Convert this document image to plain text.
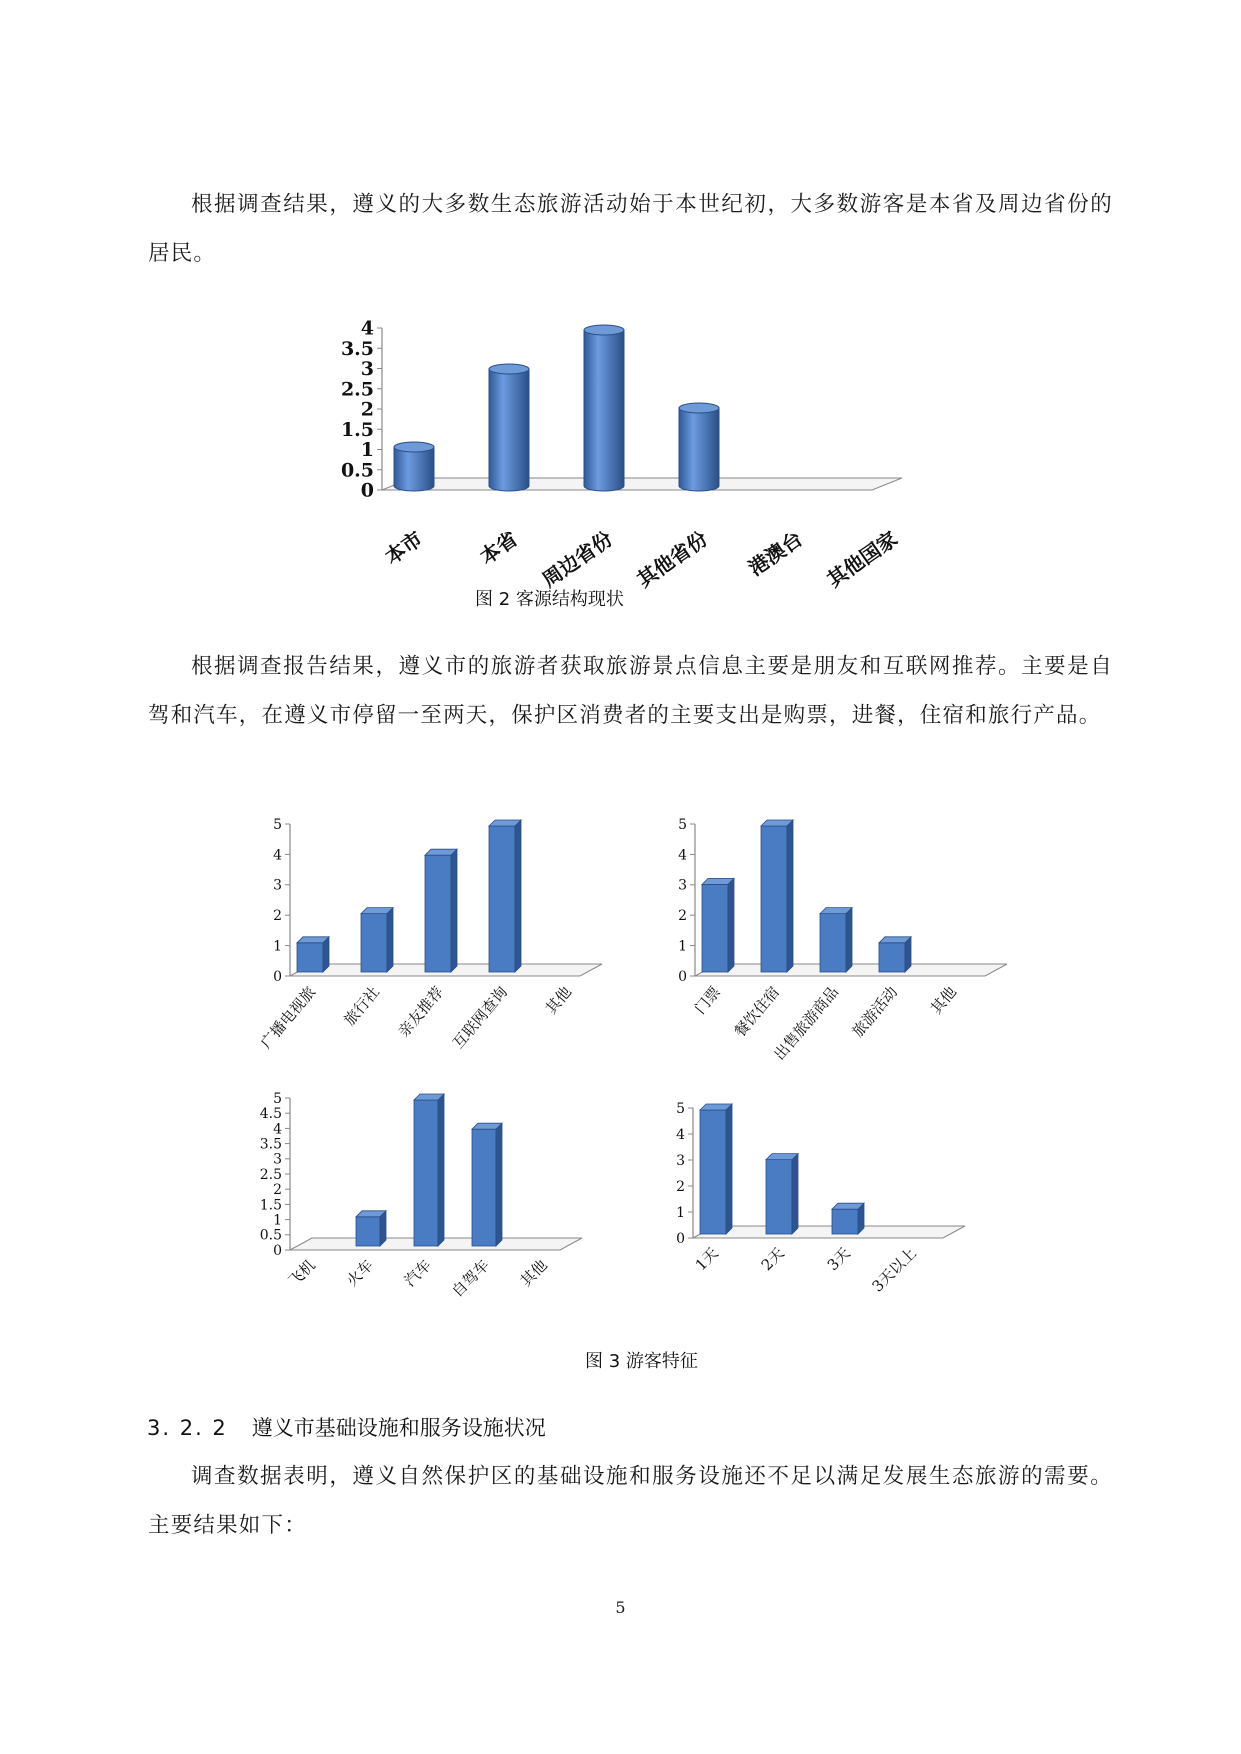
根据调查结果，遵义的大多数生态旅游活动始于本世纪初，大多数游客是本省及周边省份的居民。

0
0.5
1
1.5
2
2.5
3
3.5
4
本市 本省 周边省份 其他省份 港澳台 其他国家
图 2 客源结构现状

根据调查报告结果，遵义市的旅游者获取旅游景点信息主要是朋友和互联网推荐。主要是自驾和汽车，在遵义市停留一至两天，保护区消费者的主要支出是购票，进餐，住宿和旅行产品。

0
1
2
3
4
5
广播电视旅 旅行社 亲友推荐 互联网查询 其他
0
1
2
3
4
5
门票 餐饮住宿
出售旅游商品 旅游活动 其他
0
0.5
1
1.5
2
2.5
3
3.5
4
4.5
5
飞机 火车 汽车 自驾车 其他
0
1
2
3
4
5
1天 2天 3天 3天以上
图 3 游客特征
3. 2. 2 遵义市基础设施和服务设施状况

调查数据表明，遵义自然保护区的基础设施和服务设施还不足以满足发展生态旅游的需要。主要结果如下：

5
